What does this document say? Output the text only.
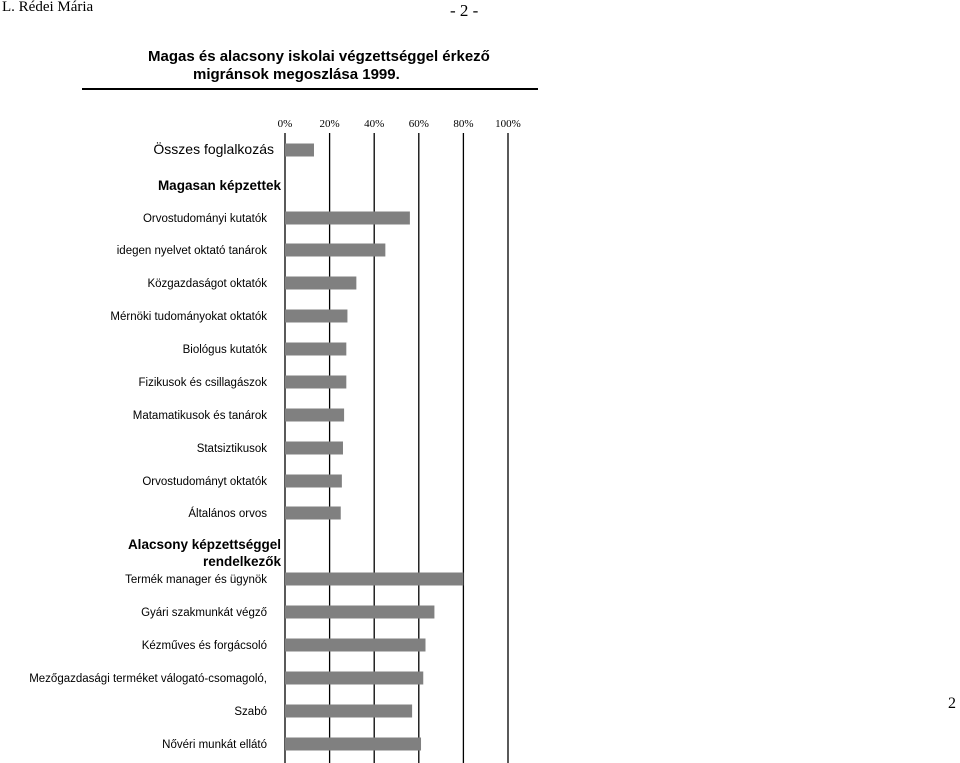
L. Rédei Mária	- 2 -
2
Magas és alacsony iskolai végzettséggel érkező
migránsok megoszlása 1999.
0% 20% 40% 60% 80% 100%
Összes foglalkozás
Magasan képzettek
Orvostudományi kutatók
idegen nyelvet oktató tanárok
Közgazdaságot oktatók
Mérnöki tudományokat oktatók
Biológus kutatók
Fizikusok és csillagászok
Matamatikusok és tanárok
Statsiztikusok
Orvostudományt oktatók
Általános orvos
Alacsony képzettséggel
rendelkezők
Termék manager és ügynök
Gyári szakmunkát végző
Kézműves és forgácsoló
Mezőgazdasági terméket válogató-csomagoló,
Szabó
Nővéri munkát ellátó
